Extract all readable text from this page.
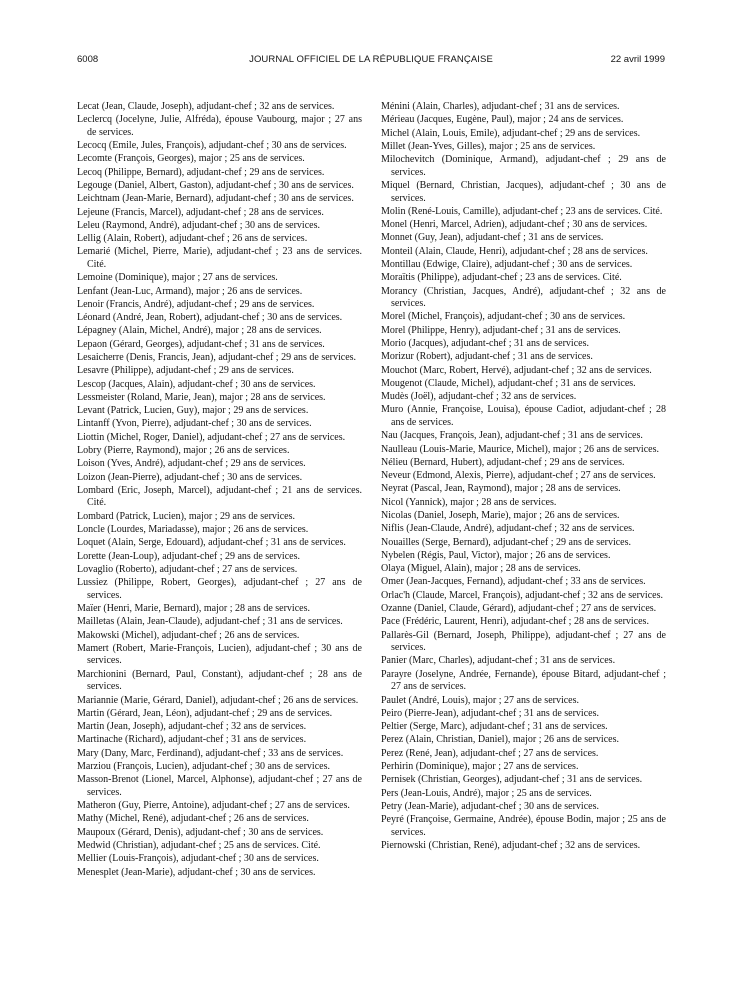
6008	JOURNAL OFFICIEL DE LA RÉPUBLIQUE FRANÇAISE	22 avril 1999

Lecat (Jean, Claude, Joseph), adjudant-chef ; 32 ans de services.

Leclercq (Jocelyne, Julie, Alfréda), épouse Vaubourg, major ; 27 ans de services.

Lecocq (Emile, Jules, François), adjudant-chef ; 30 ans de services.

Lecomte (François, Georges), major ; 25 ans de services.

Lecoq (Philippe, Bernard), adjudant-chef ; 29 ans de services.

Legouge (Daniel, Albert, Gaston), adjudant-chef ; 30 ans de services.

Leichtnam (Jean-Marie, Bernard), adjudant-chef ; 30 ans de services.

Lejeune (Francis, Marcel), adjudant-chef ; 28 ans de services.

Leleu (Raymond, André), adjudant-chef ; 30 ans de services.

Lellig (Alain, Robert), adjudant-chef ; 26 ans de services.

Lemarié (Michel, Pierre, Marie), adjudant-chef ; 23 ans de services. Cité.

Lemoine (Dominique), major ; 27 ans de services.

Lenfant (Jean-Luc, Armand), major ; 26 ans de services.

Lenoir (Francis, André), adjudant-chef ; 29 ans de services.

Léonard (André, Jean, Robert), adjudant-chef ; 30 ans de services.

Lépagney (Alain, Michel, André), major ; 28 ans de services.

Lepaon (Gérard, Georges), adjudant-chef ; 31 ans de services.

Lesaicherre (Denis, Francis, Jean), adjudant-chef ; 29 ans de services.

Lesavre (Philippe), adjudant-chef ; 29 ans de services.

Lescop (Jacques, Alain), adjudant-chef ; 30 ans de services.

Lessmeister (Roland, Marie, Jean), major ; 28 ans de services.

Levant (Patrick, Lucien, Guy), major ; 29 ans de services.

Lintanff (Yvon, Pierre), adjudant-chef ; 30 ans de services.

Liottin (Michel, Roger, Daniel), adjudant-chef ; 27 ans de services.

Lobry (Pierre, Raymond), major ; 26 ans de services.

Loison (Yves, André), adjudant-chef ; 29 ans de services.

Loizon (Jean-Pierre), adjudant-chef ; 30 ans de services.

Lombard (Eric, Joseph, Marcel), adjudant-chef ; 21 ans de services. Cité.

Lombard (Patrick, Lucien), major ; 29 ans de services.

Loncle (Lourdes, Mariadasse), major ; 26 ans de services.

Loquet (Alain, Serge, Edouard), adjudant-chef ; 31 ans de services.

Lorette (Jean-Loup), adjudant-chef ; 29 ans de services.

Lovaglio (Roberto), adjudant-chef ; 27 ans de services.

Lussiez (Philippe, Robert, Georges), adjudant-chef ; 27 ans de services.

Maïer (Henri, Marie, Bernard), major ; 28 ans de services.

Mailletas (Alain, Jean-Claude), adjudant-chef ; 31 ans de services.

Makowski (Michel), adjudant-chef ; 26 ans de services.

Mamert (Robert, Marie-François, Lucien), adjudant-chef ; 30 ans de services.

Marchionini (Bernard, Paul, Constant), adjudant-chef ; 28 ans de services.

Mariannie (Marie, Gérard, Daniel), adjudant-chef ; 26 ans de services.

Martin (Gérard, Jean, Léon), adjudant-chef ; 29 ans de services.

Martin (Jean, Joseph), adjudant-chef ; 32 ans de services.

Martinache (Richard), adjudant-chef ; 31 ans de services.

Mary (Dany, Marc, Ferdinand), adjudant-chef ; 33 ans de services.

Marziou (François, Lucien), adjudant-chef ; 30 ans de services.

Masson-Brenot (Lionel, Marcel, Alphonse), adjudant-chef ; 27 ans de services.

Matheron (Guy, Pierre, Antoine), adjudant-chef ; 27 ans de services.

Mathy (Michel, René), adjudant-chef ; 26 ans de services.

Maupoux (Gérard, Denis), adjudant-chef ; 30 ans de services.

Medwid (Christian), adjudant-chef ; 25 ans de services. Cité.

Mellier (Louis-François), adjudant-chef ; 30 ans de services.

Menesplet (Jean-Marie), adjudant-chef ; 30 ans de services.

Ménini (Alain, Charles), adjudant-chef ; 31 ans de services.

Mérieau (Jacques, Eugène, Paul), major ; 24 ans de services.

Michel (Alain, Louis, Emile), adjudant-chef ; 29 ans de services.

Millet (Jean-Yves, Gilles), major ; 25 ans de services.

Milochevitch (Dominique, Armand), adjudant-chef ; 29 ans de services.

Miquel (Bernard, Christian, Jacques), adjudant-chef ; 30 ans de services.

Molin (René-Louis, Camille), adjudant-chef ; 23 ans de services. Cité.

Monel (Henri, Marcel, Adrien), adjudant-chef ; 30 ans de services.

Monnet (Guy, Jean), adjudant-chef ; 31 ans de services.

Monteil (Alain, Claude, Henri), adjudant-chef ; 28 ans de services.

Montillau (Edwige, Claire), adjudant-chef ; 30 ans de services.

Moraïtis (Philippe), adjudant-chef ; 23 ans de services. Cité.

Morancy (Christian, Jacques, André), adjudant-chef ; 32 ans de services.

Morel (Michel, François), adjudant-chef ; 30 ans de services.

Morel (Philippe, Henry), adjudant-chef ; 31 ans de services.

Morio (Jacques), adjudant-chef ; 31 ans de services.

Morizur (Robert), adjudant-chef ; 31 ans de services.

Mouchot (Marc, Robert, Hervé), adjudant-chef ; 32 ans de services.

Mougenot (Claude, Michel), adjudant-chef ; 31 ans de services.

Mudès (Joël), adjudant-chef ; 32 ans de services.

Muro (Annie, Françoise, Louisa), épouse Cadiot, adjudant-chef ; 28 ans de services.

Nau (Jacques, François, Jean), adjudant-chef ; 31 ans de services.

Naulleau (Louis-Marie, Maurice, Michel), major ; 26 ans de services.

Nélieu (Bernard, Hubert), adjudant-chef ; 29 ans de services.

Neveur (Edmond, Alexis, Pierre), adjudant-chef ; 27 ans de services.

Neyrat (Pascal, Jean, Raymond), major ; 28 ans de services.

Nicol (Yannick), major ; 28 ans de services.

Nicolas (Daniel, Joseph, Marie), major ; 26 ans de services.

Niflis (Jean-Claude, André), adjudant-chef ; 32 ans de services.

Nouailles (Serge, Bernard), adjudant-chef ; 29 ans de services.

Nybelen (Régis, Paul, Victor), major ; 26 ans de services.

Olaya (Miguel, Alain), major ; 28 ans de services.

Omer (Jean-Jacques, Fernand), adjudant-chef ; 33 ans de services.

Orlac'h (Claude, Marcel, François), adjudant-chef ; 32 ans de services.

Ozanne (Daniel, Claude, Gérard), adjudant-chef ; 27 ans de services.

Pace (Frédéric, Laurent, Henri), adjudant-chef ; 28 ans de services.

Pallarès-Gil (Bernard, Joseph, Philippe), adjudant-chef ; 27 ans de services.

Panier (Marc, Charles), adjudant-chef ; 31 ans de services.

Parayre (Joselyne, Andrée, Fernande), épouse Bitard, adjudant-chef ; 27 ans de services.

Paulet (André, Louis), major ; 27 ans de services.

Peiro (Pierre-Jean), adjudant-chef ; 31 ans de services.

Peltier (Serge, Marc), adjudant-chef ; 31 ans de services.

Perez (Alain, Christian, Daniel), major ; 26 ans de services.

Perez (René, Jean), adjudant-chef ; 27 ans de services.

Perhirin (Dominique), major ; 27 ans de services.

Pernisek (Christian, Georges), adjudant-chef ; 31 ans de services.

Pers (Jean-Louis, André), major ; 25 ans de services.

Petry (Jean-Marie), adjudant-chef ; 30 ans de services.

Peyré (Françoise, Germaine, Andrée), épouse Bodin, major ; 25 ans de services.

Piernowski (Christian, René), adjudant-chef ; 32 ans de services.
